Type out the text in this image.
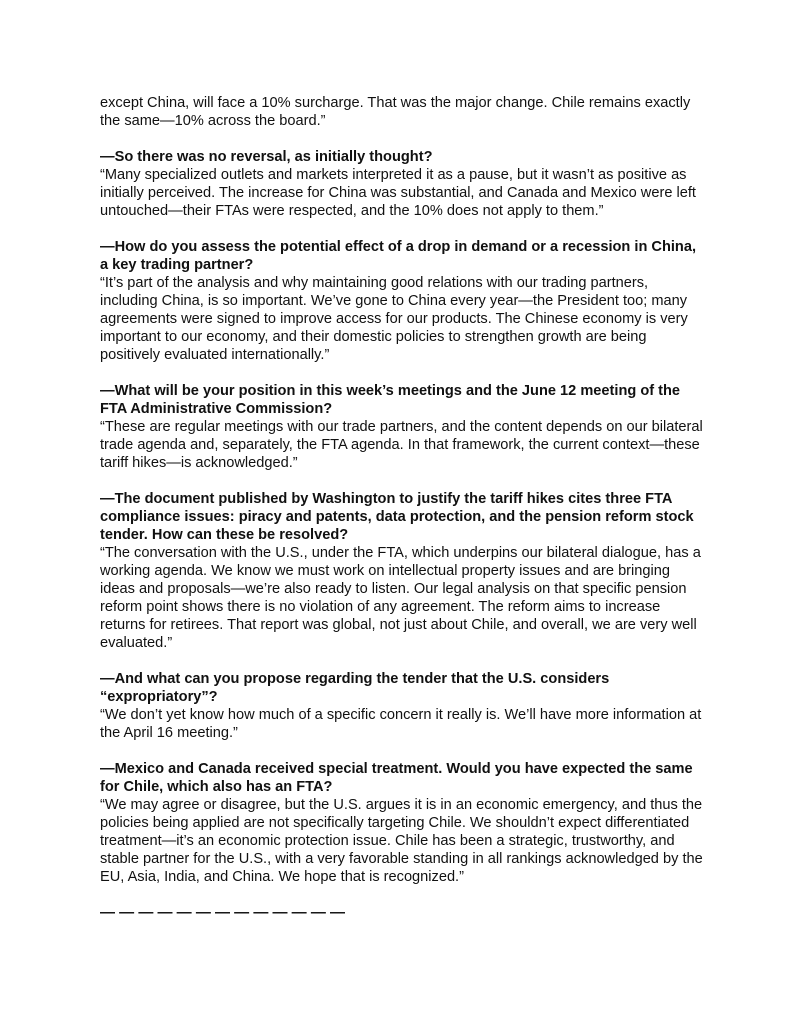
except China, will face a 10% surcharge. That was the major change. Chile remains exactly the same—10% across the board.”

—So there was no reversal, as initially thought?

“Many specialized outlets and markets interpreted it as a pause, but it wasn’t as positive as initially perceived. The increase for China was substantial, and Canada and Mexico were left untouched—their FTAs were respected, and the 10% does not apply to them.”

—How do you assess the potential effect of a drop in demand or a recession in China, a key trading partner?

“It’s part of the analysis and why maintaining good relations with our trading partners, including China, is so important. We’ve gone to China every year—the President too; many agreements were signed to improve access for our products. The Chinese economy is very important to our economy, and their domestic policies to strengthen growth are being positively evaluated internationally.”

—What will be your position in this week’s meetings and the June 12 meeting of the FTA Administrative Commission?

“These are regular meetings with our trade partners, and the content depends on our bilateral trade agenda and, separately, the FTA agenda. In that framework, the current context—these tariff hikes—is acknowledged.”

—The document published by Washington to justify the tariff hikes cites three FTA compliance issues: piracy and patents, data protection, and the pension reform stock tender. How can these be resolved?

“The conversation with the U.S., under the FTA, which underpins our bilateral dialogue, has a working agenda. We know we must work on intellectual property issues and are bringing ideas and proposals—we’re also ready to listen. Our legal analysis on that specific pension reform point shows there is no violation of any agreement. The reform aims to increase returns for retirees. That report was global, not just about Chile, and overall, we are very well evaluated.”

—And what can you propose regarding the tender that the U.S. considers “expropriatory”?

“We don’t yet know how much of a specific concern it really is. We’ll have more information at the April 16 meeting.”

—Mexico and Canada received special treatment. Would you have expected the same for Chile, which also has an FTA?

“We may agree or disagree, but the U.S. argues it is in an economic emergency, and thus the policies being applied are not specifically targeting Chile. We shouldn’t expect differentiated treatment—it’s an economic protection issue. Chile has been a strategic, trustworthy, and stable partner for the U.S., with a very favorable standing in all rankings acknowledged by the EU, Asia, India, and China. We hope that is recognized.”

— — — — — — — — — — — — —
